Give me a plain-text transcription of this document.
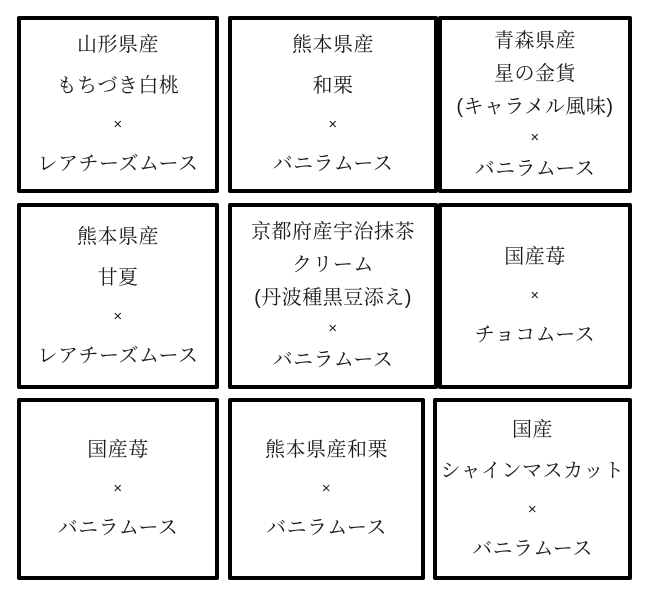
山形県産
もちづき白桃
×
レアチーズムース
熊本県産
和栗
×
バニラムース
青森県産
星の金貨
(キャラメル風味)
×
バニラムース
熊本県産
甘夏
×
レアチーズムース
京都府産宇治抹茶
クリーム
(丹波種黒豆添え)
×
バニラムース
国産苺
×
チョコムース
国産苺
×
バニラムース
熊本県産和栗
×
バニラムース
国産
シャインマスカット
×
バニラムース
